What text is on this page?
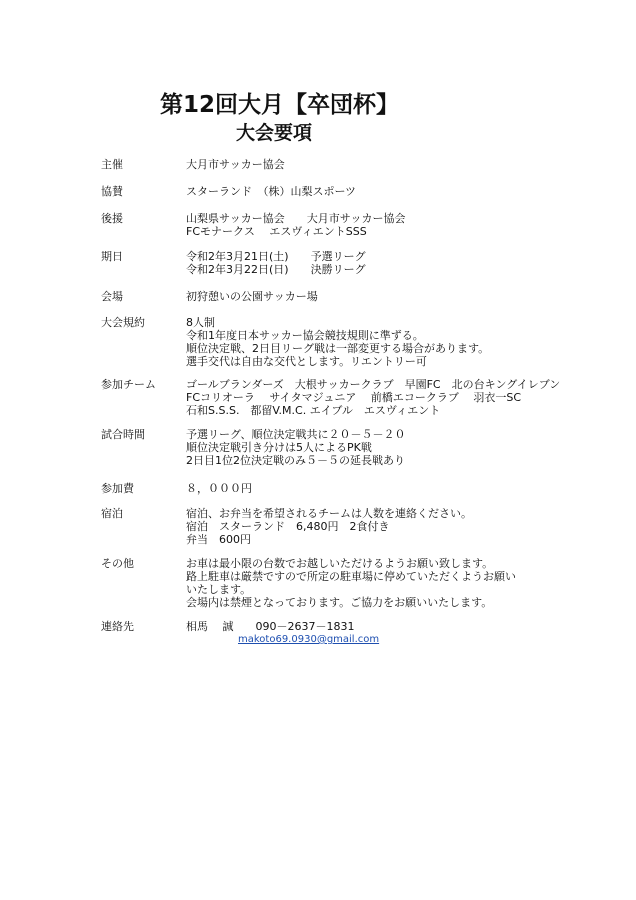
第12回大月【卒団杯】
大会要項
主催	大月市サッカー協会
協賛	スターランド　（株）山梨スポーツ
後援	山梨県サッカー協会　　大月市サッカー協会
FCモナークス　 エスヴィエントSSS
期日	令和2年3月21日(土)　　予選リーグ
令和2年3月22日(日)　　決勝リーグ
会場	初狩憩いの公園サッカー場
大会規約	8人制
令和1年度日本サッカー協会競技規則に準ずる。
順位決定戦、2日目リーグ戦は一部変更する場合があります。
選手交代は自由な交代とします。リエントリー可
参加チーム	ゴールブランダーズ　大根サッカークラブ　早園FC　北の台キングイレブン
FCコリオーラ　 サイタマジュニア　 前橋エコークラブ　 羽衣一SC
石和S.S.S.　都留V.M.C. エイブル　エスヴィエント
試合時間	予選リーグ、順位決定戦共に２０－５－２０
順位決定戦引き分けは5人によるPK戦
2日目1位2位決定戦のみ５－５の延長戦あり
参加費	８，０００円
宿泊	宿泊、お弁当を希望されるチームは人数を連絡ください。
宿泊　スターランド　6,480円　2食付き
弁当　600円
その他	お車は最小限の台数でお越しいただけるようお願い致します。
路上駐車は厳禁ですので所定の駐車場に停めていただくようお願い
いたします。
会場内は禁煙となっております。ご協力をお願いいたします。
連絡先	相馬　 誠　　090－2637－1831
makoto69.0930@gmail.com
